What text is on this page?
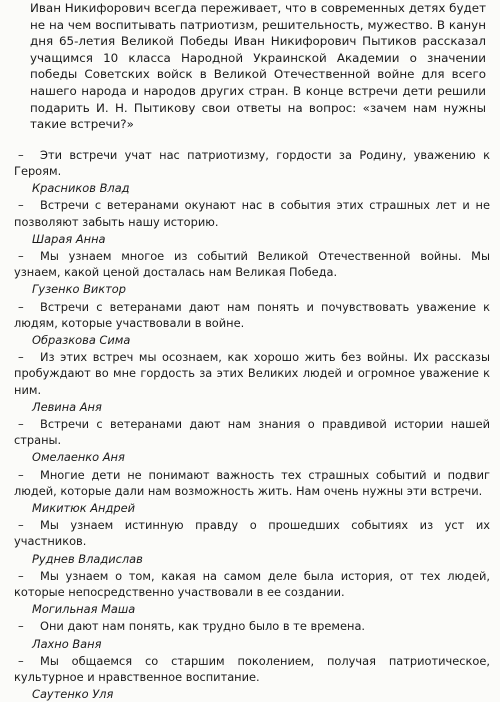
Иван Никифорович всегда переживает, что в современных детях будет не на чем воспитывать патриотизм, решительность, мужество. В канун дня 65-летия Великой Победы Иван Никифорович Пытиков рассказал учащимся 10 класса Народной Украинской Академии о значении победы Советских войск в Великой Отечественной войне для всего нашего народа и народов других стран. В конце встречи дети решили подарить И. Н. Пытикову свои ответы на вопрос: «зачем нам нужны такие встречи?»

– Эти встречи учат нас патриотизму, гордости за Родину, уважению к Героям.

Красников Влад

– Встречи с ветеранами окунают нас в события этих страшных лет и не позволяют забыть нашу историю.

Шарая Анна

– Мы узнаем многое из событий Великой Отечественной войны. Мы узнаем, какой ценой досталась нам Великая Победа.

Гузенко Виктор

– Встречи с ветеранами дают нам понять и почувствовать уважение к людям, которые участвовали в войне.

Образкова Сима

– Из этих встреч мы осознаем, как хорошо жить без войны. Их рассказы пробуждают во мне гордость за этих Великих людей и огромное уважение к ним.

Левина Аня

– Встречи с ветеранами дают нам знания о правдивой истории нашей страны.

Омелаенко Аня

– Многие дети не понимают важность тех страшных событий и подвиг людей, которые дали нам возможность жить. Нам очень нужны эти встречи.

Микитюк Андрей

– Мы узнаем истинную правду о прошедших событиях из уст их участников.

Руднев Владислав

– Мы узнаем о том, какая на самом деле была история, от тех людей, которые непосредственно участвовали в ее создании.

Могильная Маша

– Они дают нам понять, как трудно было в те времена.

Лахно Ваня

– Мы общаемся со старшим поколением, получая патриотическое, культурное и нравственное воспитание.

Саутенко Уля
